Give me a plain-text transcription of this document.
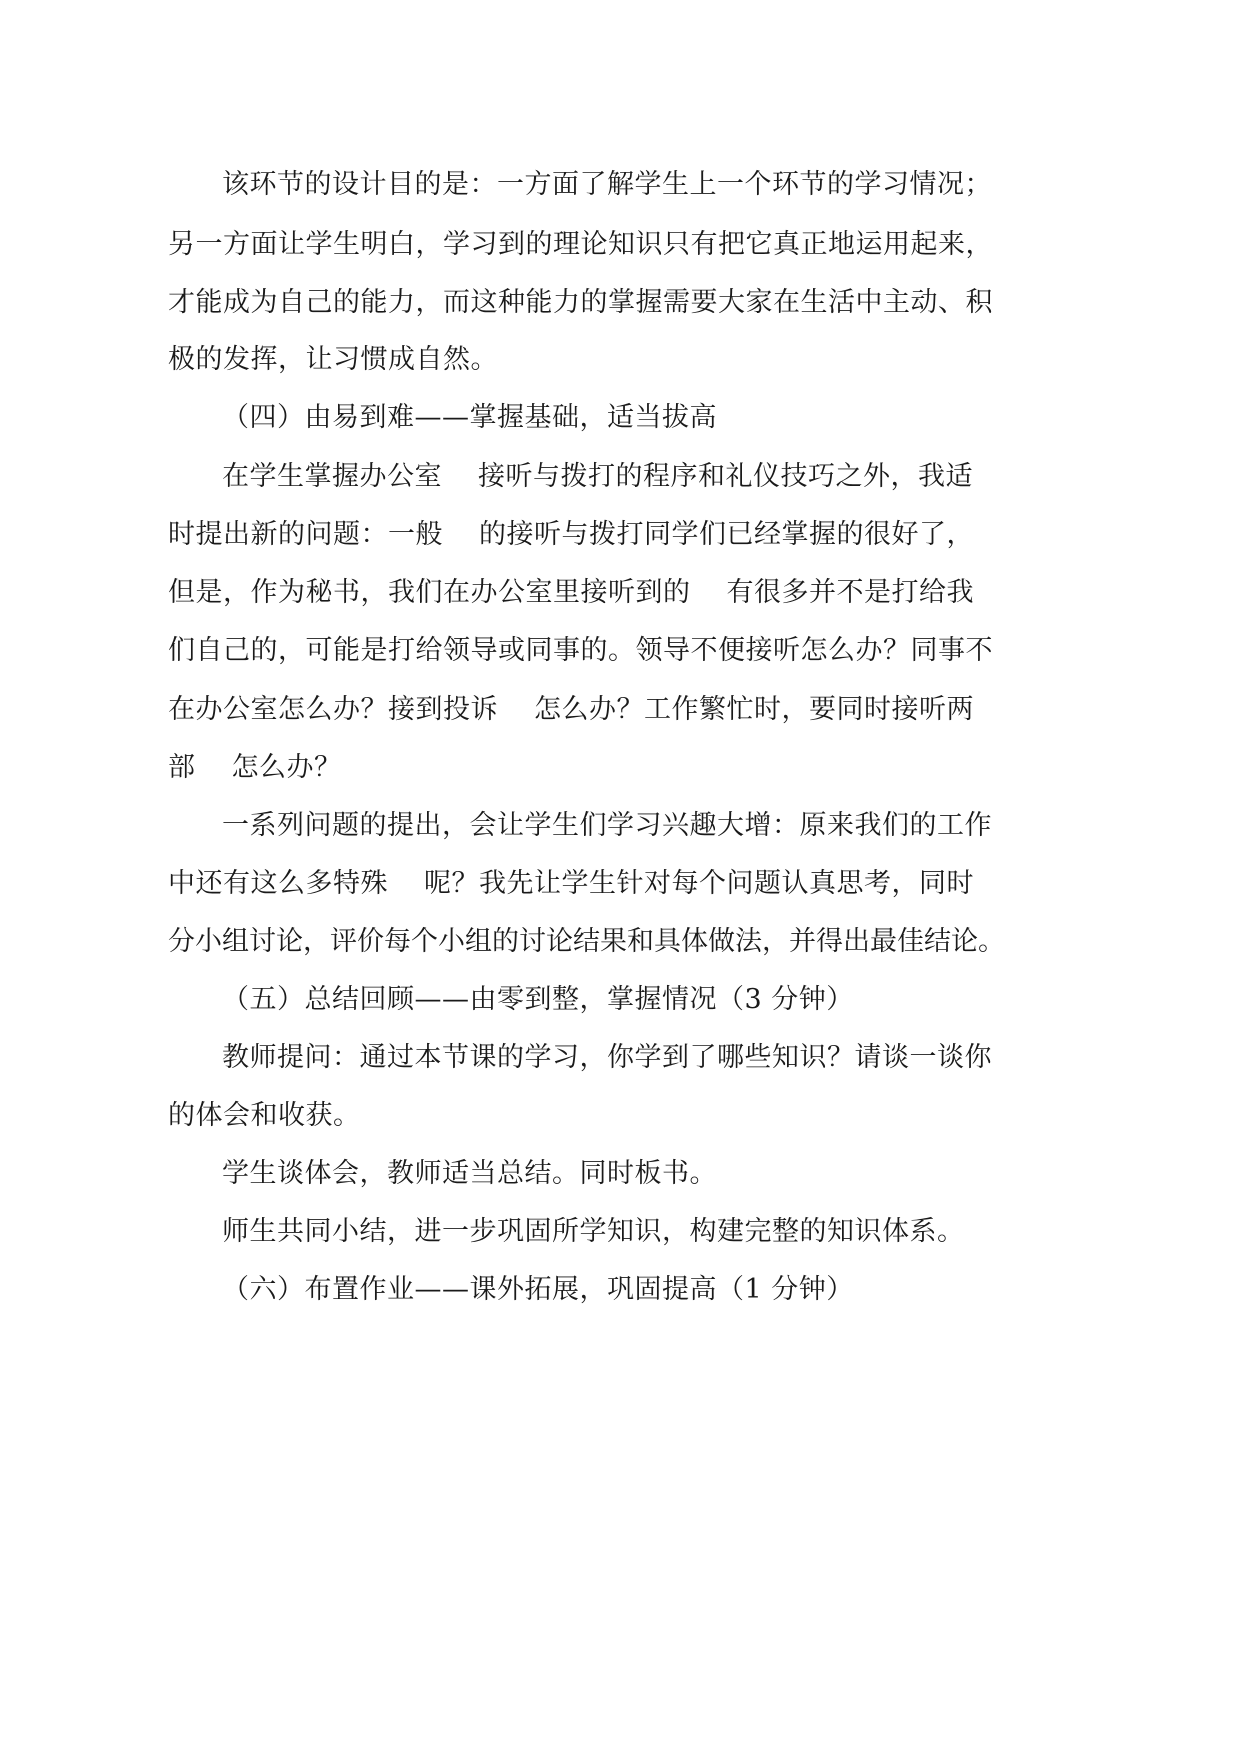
该环节的设计目的是：一方面了解学生上一个环节的学习情况；
另一方面让学生明白，学习到的理论知识只有把它真正地运用起来，
才能成为自己的能力，而这种能力的掌握需要大家在生活中主动、积
极的发挥，让习惯成自然。
（四）由易到难——掌握基础，适当拔高
在学生掌握办公室 接听与拨打的程序和礼仪技巧之外，我适
时提出新的问题：一般 的接听与拨打同学们已经掌握的很好了，
但是，作为秘书，我们在办公室里接听到的 有很多并不是打给我
们自己的，可能是打给领导或同事的。领导不便接听怎么办？同事不
在办公室怎么办？接到投诉 怎么办？工作繁忙时，要同时接听两
部 怎么办？
一系列问题的提出，会让学生们学习兴趣大增：原来我们的工作
中还有这么多特殊 呢？我先让学生针对每个问题认真思考，同时
分小组讨论，评价每个小组的讨论结果和具体做法，并得出最佳结论。
（五）总结回顾——由零到整，掌握情况（3 分钟）
教师提问：通过本节课的学习，你学到了哪些知识？请谈一谈你
的体会和收获。
学生谈体会，教师适当总结。同时板书。
师生共同小结，进一步巩固所学知识，构建完整的知识体系。
（六）布置作业——课外拓展，巩固提高（1 分钟）
